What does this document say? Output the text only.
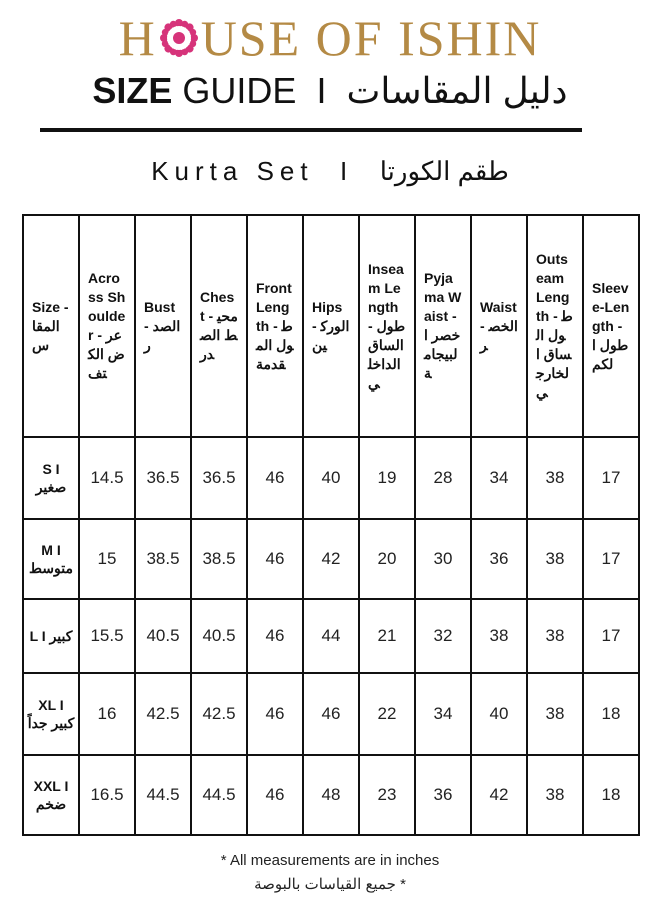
H USE OF ISHIN
SIZE GUIDE  I  دليل المقاسات
Kurta Set  I  طقم الكورتا
Size - المقاس	Across Shoulder - عرض الكتف	Bust - الصدر	Chest - محيط الصدر	Front Length - طول المقدمة	Hips - الوركين	Inseam Length - طول الساق الداخلي	Pyjama Waist - خصر البيجامة	Waist - الخصر	Outseam Length - طول الساق الخارجي	Sleeve-Length - طول الكم
S I صغير	14.5	36.5	36.5	46	40	19	28	34	38	17
M I متوسط	15	38.5	38.5	46	42	20	30	36	38	17
L I كبير	15.5	40.5	40.5	46	44	21	32	38	38	17
XL I كبير جداً	16	42.5	42.5	46	46	22	34	40	38	18
XXL I ضخم	16.5	44.5	44.5	46	48	23	36	42	38	18
* All measurements are in inches
جميع القياسات بالبوصة *
